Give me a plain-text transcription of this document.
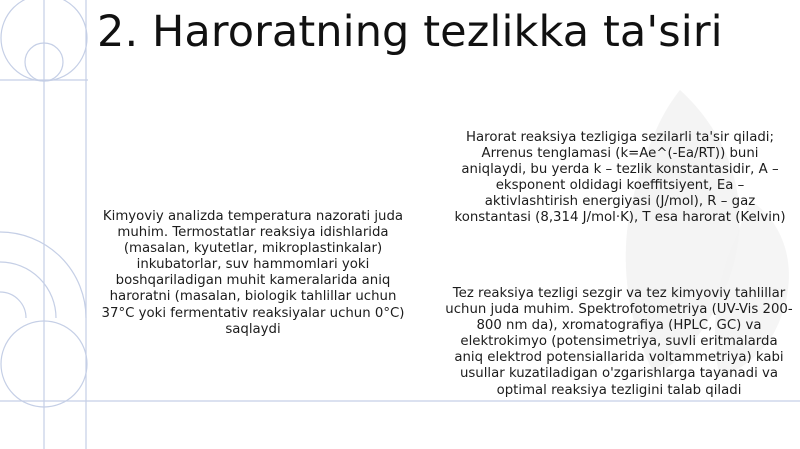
2. Haroratning tezlikka ta'siri
Kimyoviy analizda temperatura nazorati juda muhim. Termostatlar reaksiya idishlarida (masalan, kyutetlar, mikroplastinkalar) inkubatorlar, suv hammomlari yoki boshqariladigan muhit kameralarida aniq haroratni (masalan, biologik tahlillar uchun 37°C yoki fermentativ reaksiyalar uchun 0°C) saqlaydi
Harorat reaksiya tezligiga sezilarli ta'sir qiladi; Arrenus tenglamasi (k=Ae^(-Ea/RT)) buni aniqlaydi, bu yerda k – tezlik konstantasidir, A – eksponent oldidagi koeffitsiyent, Ea – aktivlashtirish energiyasi (J/mol), R – gaz konstantasi (8,314 J/mol·K), T esa harorat (Kelvin)
Tez reaksiya tezligi sezgir va tez kimyoviy tahlillar uchun juda muhim. Spektrofotometriya (UV-Vis 200-800 nm da), xromatografiya (HPLC, GC) va elektrokimyo (potensimetriya, suvli eritmalarda aniq elektrod potensiallarida voltammetriya) kabi usullar kuzatiladigan o'zgarishlarga tayanadi va optimal reaksiya tezligini talab qiladi
